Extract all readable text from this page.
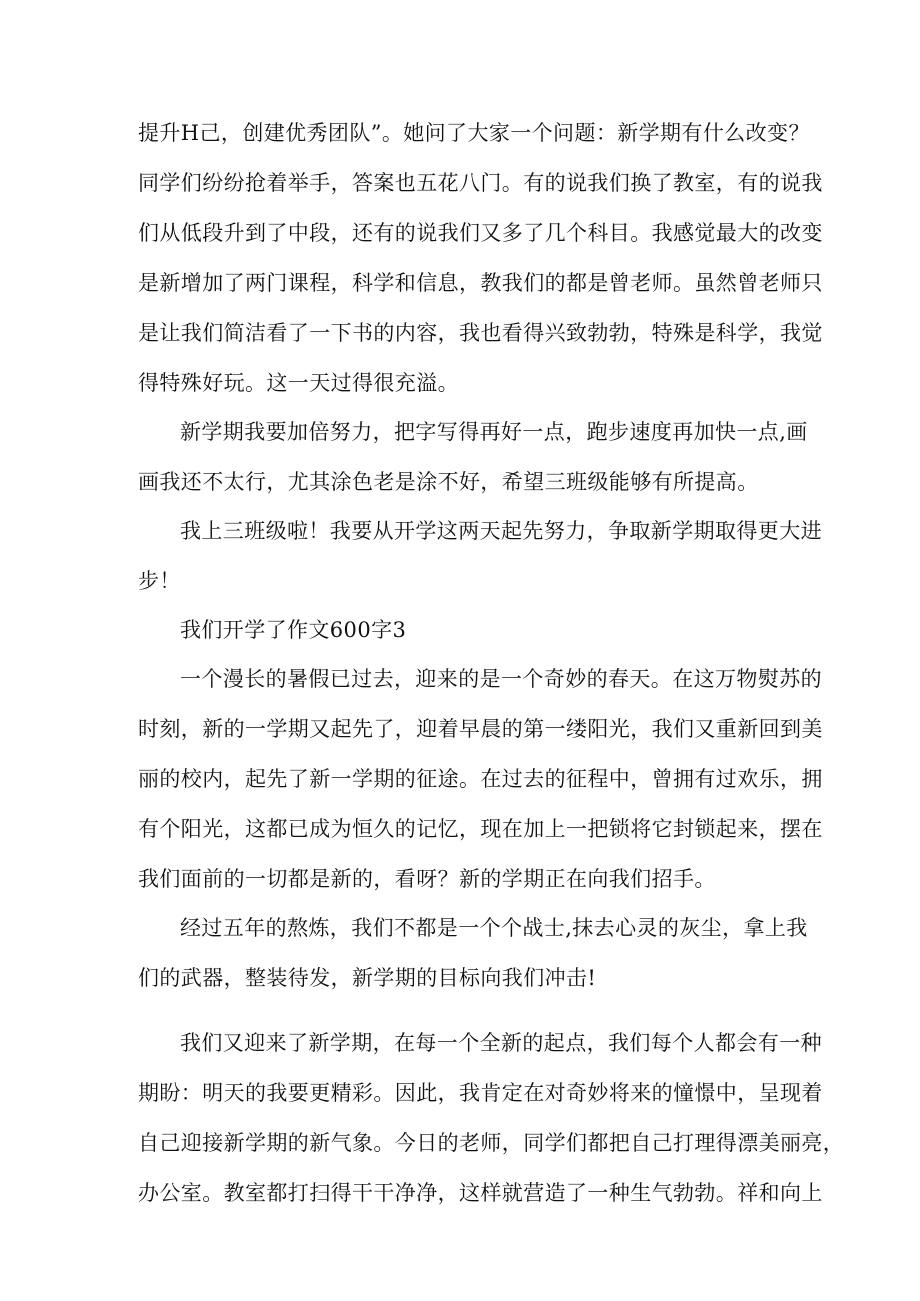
提升H己，创建优秀团队”。她问了大家一个问题：新学期有什么改变？
同学们纷纷抢着举手，答案也五花八门。有的说我们换了教室，有的说我
们从低段升到了中段，还有的说我们又多了几个科目。我感觉最大的改变
是新增加了两门课程，科学和信息，教我们的都是曾老师。虽然曾老师只
是让我们简洁看了一下书的内容，我也看得兴致勃勃，特殊是科学，我觉
得特殊好玩。这一天过得很充溢。
新学期我要加倍努力，把字写得再好一点，跑步速度再加快一点,画
画我还不太行，尤其涂色老是涂不好，希望三班级能够有所提高。
我上三班级啦！我要从开学这两天起先努力，争取新学期取得更大进
步！
我们开学了作文600字3
一个漫长的暑假已过去，迎来的是一个奇妙的春天。在这万物熨苏的
时刻，新的一学期又起先了，迎着早晨的第一缕阳光，我们又重新回到美
丽的校内，起先了新一学期的征途。在过去的征程中，曾拥有过欢乐，拥
有个阳光，这都已成为恒久的记忆，现在加上一把锁将它封锁起来，摆在
我们面前的一切都是新的，看呀？新的学期正在向我们招手。
经过五年的熬炼，我们不都是一个个战士,抹去心灵的灰尘，拿上我
们的武器，整装待发，新学期的目标向我们冲击!
我们又迎来了新学期，在每一个全新的起点，我们每个人都会有一种
期盼：明天的我要更精彩。因此，我肯定在对奇妙将来的憧憬中，呈现着
自己迎接新学期的新气象。今日的老师，同学们都把自己打理得漂美丽亮，
办公室。教室都打扫得干干净净，这样就营造了一种生气勃勃。祥和向上
